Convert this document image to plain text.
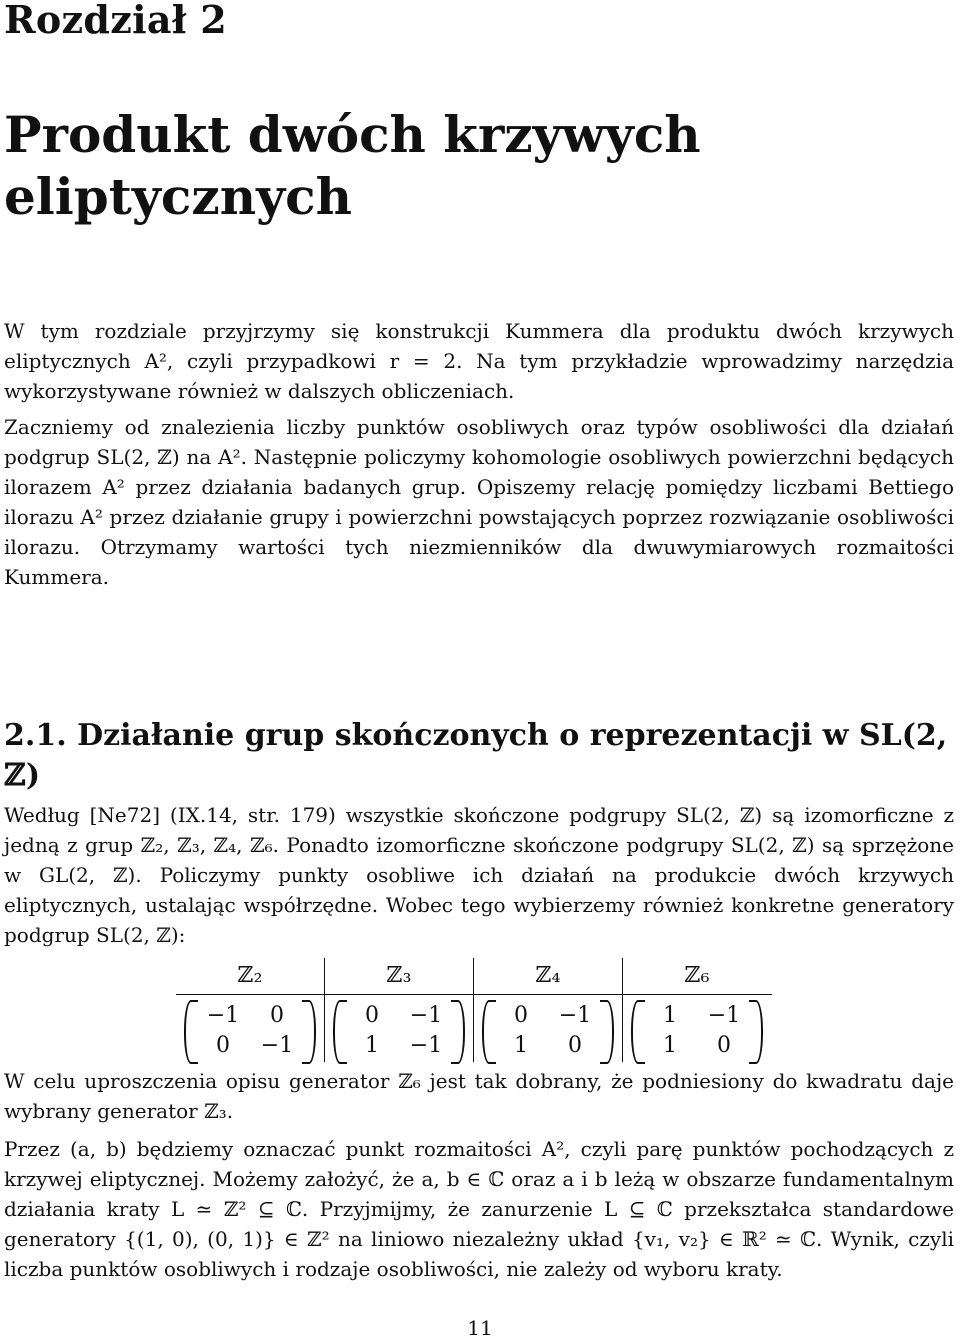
Rozdział 2
Produkt dwóch krzywych eliptycznych

W tym rozdziale przyjrzymy się konstrukcji Kummera dla produktu dwóch krzywych eliptycznych A², czyli przypadkowi r = 2. Na tym przykładzie wprowadzimy narzędzia wykorzystywane również w dalszych obliczeniach.

Zaczniemy od znalezienia liczby punktów osobliwych oraz typów osobliwości dla działań podgrup SL(2, ℤ) na A². Następnie policzymy kohomologie osobliwych powierzchni będących ilorazem A² przez działania badanych grup. Opiszemy relację pomiędzy liczbami Bettiego ilorazu A² przez działanie grupy i powierzchni powstających poprzez rozwiązanie osobliwości ilorazu. Otrzymamy wartości tych niezmienników dla dwuwymiarowych rozmaitości Kummera.

2.1. Działanie grup skończonych o reprezentacji w SL(2, ℤ)

Według [Ne72] (IX.14, str. 179) wszystkie skończone podgrupy SL(2, ℤ) są izomorficzne z jedną z grup ℤ₂, ℤ₃, ℤ₄, ℤ₆. Ponadto izomorficzne skończone podgrupy SL(2, ℤ) są sprzężone w GL(2, ℤ). Policzymy punkty osobliwe ich działań na produkcie dwóch krzywych eliptycznych, ustalając współrzędne. Wobec tego wybierzemy również konkretne generatory podgrup SL(2, ℤ):

ℤ₂
−1	0
0	−1
ℤ₃
0	−1
1	−1
ℤ₄
0	−1
1	0
ℤ₆
1	−1
1	0

W celu uproszczenia opisu generator ℤ₆ jest tak dobrany, że podniesiony do kwadratu daje wybrany generator ℤ₃.

Przez (a, b) będziemy oznaczać punkt rozmaitości A², czyli parę punktów pochodzących z krzywej eliptycznej. Możemy założyć, że a, b ∈ ℂ oraz a i b leżą w obszarze fundamentalnym działania kraty L ≃ ℤ² ⊆ ℂ. Przyjmijmy, że zanurzenie L ⊆ ℂ przekształca standardowe generatory {(1, 0), (0, 1)} ∈ ℤ² na liniowo niezależny układ {v₁, v₂} ∈ ℝ² ≃ ℂ. Wynik, czyli liczba punktów osobliwych i rodzaje osobliwości, nie zależy od wyboru kraty.

11
